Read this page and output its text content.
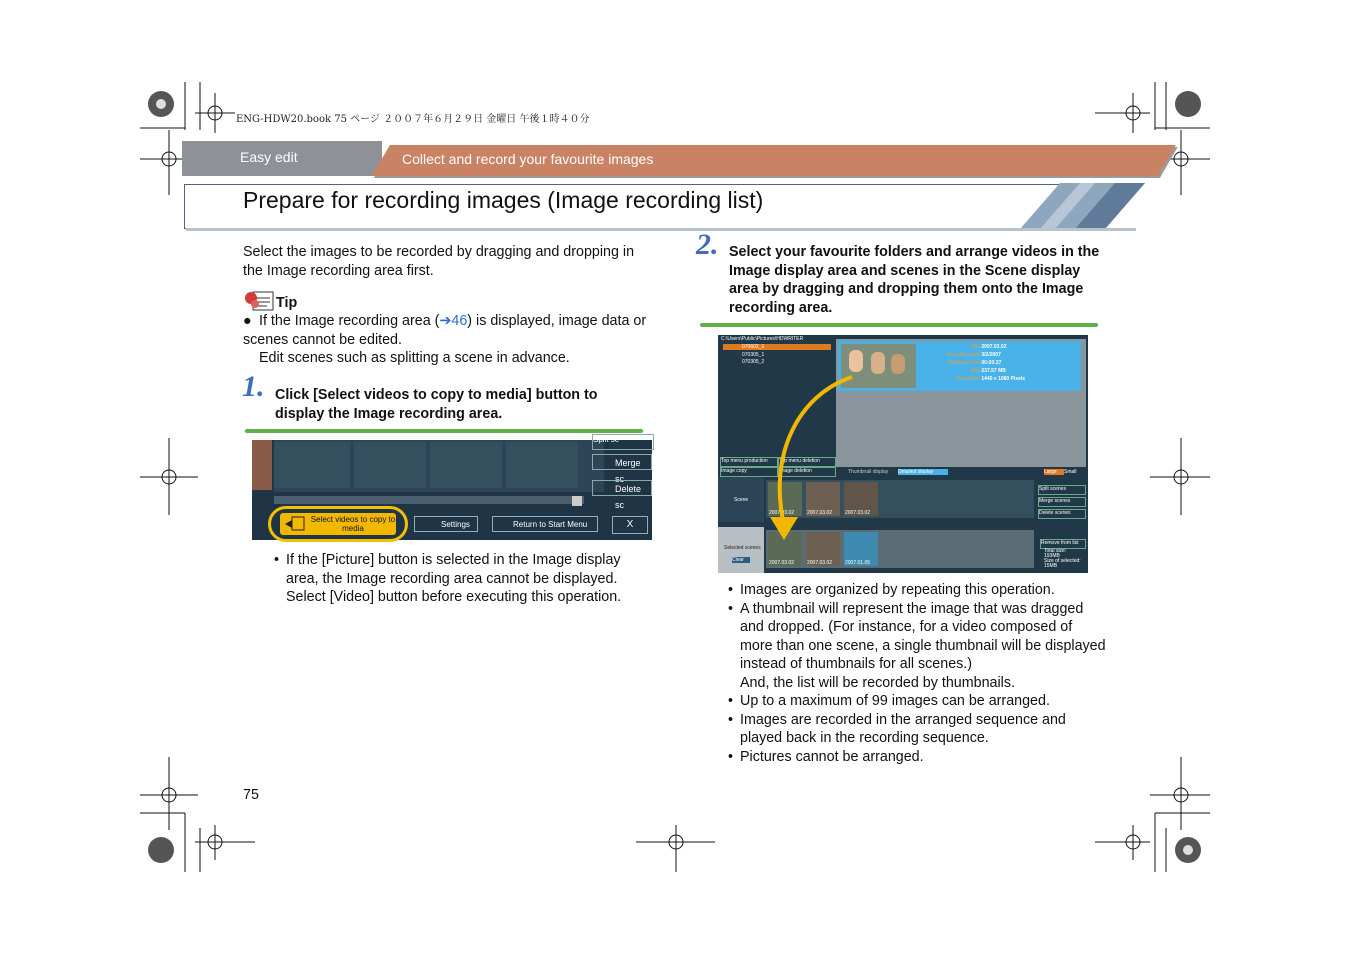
ENG-HDW20.book 75 ページ ２００７年６月２９日 金曜日 午後１時４０分
Easy edit	Collect and record your favourite images
Prepare for recording images (Image recording list)
Select the images to be recorded by dragging and dropping in the Image recording area first.
Tip
● If the Image recording area (➔46) is displayed, image data or scenes cannot be edited.
Edit scenes such as splitting a scene in advance.
1. Click [Select videos to copy to media] button to display the Image recording area.
Split sc
Merge sc
Delete sc
Select videos to copy to media	Settings	Return to Start Menu	X
• If the [Picture] button is selected in the Image display area, the Image recording area cannot be displayed. Select [Video] button before executing this operation.
75
2. Select your favourite folders and arrange videos in the Image display area and scenes in the Scene display area by dragging and dropping them onto the Image recording area.
C:\Users\Public\Pictures\HDWRITER
070602_1
070305_1
070305_2
Title 2007.03.02
Recording date 3/2/2007
Playback time 00:03:27
Size 237.57 MB
Resolution 1440 x 1080 Pixels
Top menu production	Top menu deletion
Image copy	Image deletion	Thumbnail display Detailed display	Large	Small
Scene
2007.03.02	2007.03.02	2007.03.02
Split scenes
Merge scenes
Delete scenes
Selected scenes
Clear	2007.03.02	2007.03.02	2007.01.05
Remove from list
Total size:
193MB
Size of selected:
15MB
• Images are organized by repeating this operation.
• A thumbnail will represent the image that was dragged and dropped. (For instance, for a video composed of more than one scene, a single thumbnail will be displayed instead of thumbnails for all scenes.)
And, the list will be recorded by thumbnails.
• Up to a maximum of 99 images can be arranged.
• Images are recorded in the arranged sequence and played back in the recording sequence.
• Pictures cannot be arranged.
